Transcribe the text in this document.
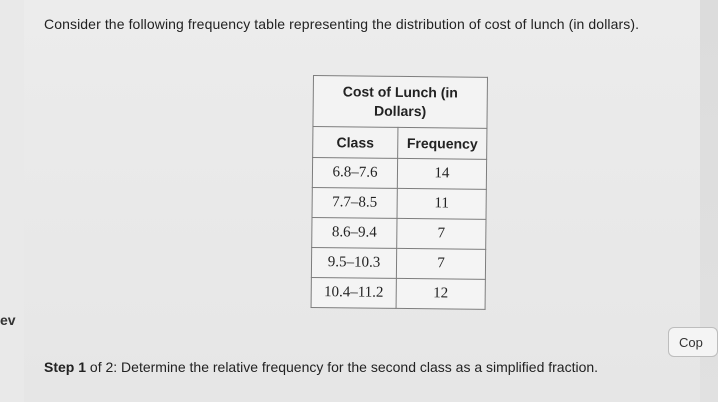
Consider the following frequency table representing the distribution of cost of lunch (in dollars).
Cost of Lunch (in
Dollars)	
Class	Frequency
6.8–7.6	14
7.7–8.5	11
8.6–9.4	7
9.5–10.3	7
10.4–11.2	12
ev
Cop
Step 1 of 2: Determine the relative frequency for the second class as a simplified fraction.
